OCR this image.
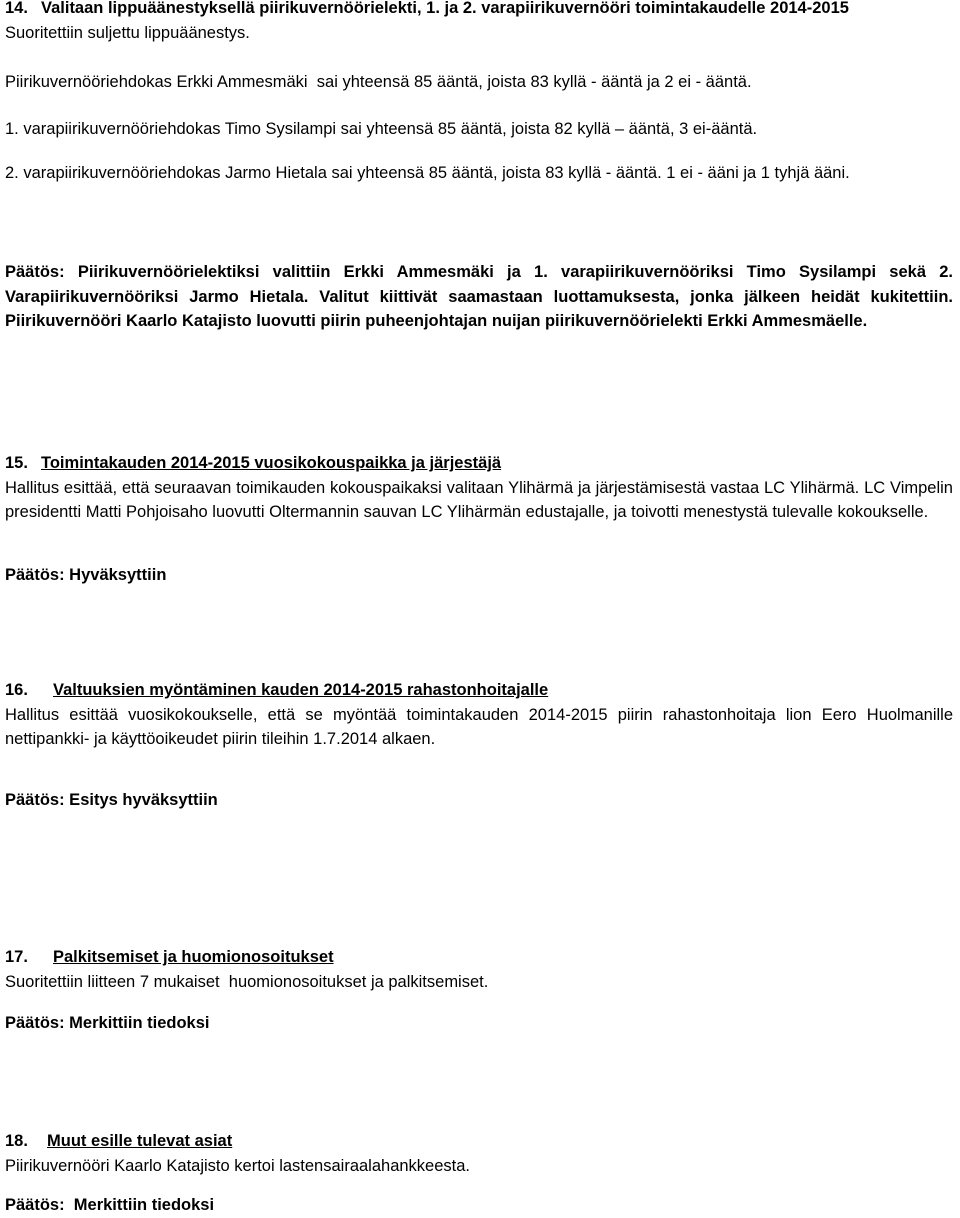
14. Valitaan lippuäänestyksellä piirikuvernöörielekti, 1. ja 2. varapiirikuvernööri toimintakaudelle 2014-2015

Suoritettiin suljettu lippuäänestys.

Piirikuvernööriehdokas Erkki Ammesmäki  sai yhteensä 85 ääntä, joista 83 kyllä - ääntä ja 2 ei - ääntä.

1. varapiirikuvernööriehdokas Timo Sysilampi sai yhteensä 85 ääntä, joista 82 kyllä – ääntä, 3 ei-ääntä.

2. varapiirikuvernööriehdokas Jarmo Hietala sai yhteensä 85 ääntä, joista 83 kyllä - ääntä. 1 ei - ääni ja 1 tyhjä ääni.

Päätös: Piirikuvernöörielektiksi valittiin Erkki Ammesmäki ja 1. varapiirikuvernööriksi Timo Sysilampi sekä 2. Varapiirikuvernööriksi Jarmo Hietala. Valitut kiittivät saamastaan luottamuksesta, jonka jälkeen heidät kukitettiin. Piirikuvernööri Kaarlo Katajisto luovutti piirin puheenjohtajan nuijan piirikuvernöörielekti Erkki Ammesmäelle.

15. Toimintakauden 2014-2015 vuosikokouspaikka ja järjestäjä

Hallitus esittää, että seuraavan toimikauden kokouspaikaksi valitaan Ylihärmä ja järjestämisestä vastaa LC Ylihärmä. LC Vimpelin presidentti Matti Pohjoisaho luovutti Oltermannin sauvan LC Ylihärmän edustajalle, ja toivotti menestystä tulevalle kokoukselle.

Päätös: Hyväksyttiin

16. Valtuuksien myöntäminen kauden 2014-2015 rahastonhoitajalle

Hallitus esittää vuosikokoukselle, että se myöntää toimintakauden 2014-2015 piirin rahastonhoitaja lion Eero Huolmanille nettipankki- ja käyttöoikeudet piirin tileihin 1.7.2014 alkaen.

Päätös: Esitys hyväksyttiin

17. Palkitsemiset ja huomionosoitukset

Suoritettiin liitteen 7 mukaiset  huomionosoitukset ja palkitsemiset.

Päätös: Merkittiin tiedoksi

18. Muut esille tulevat asiat

Piirikuvernööri Kaarlo Katajisto kertoi lastensairaalahankkeesta.

Päätös:  Merkittiin tiedoksi
